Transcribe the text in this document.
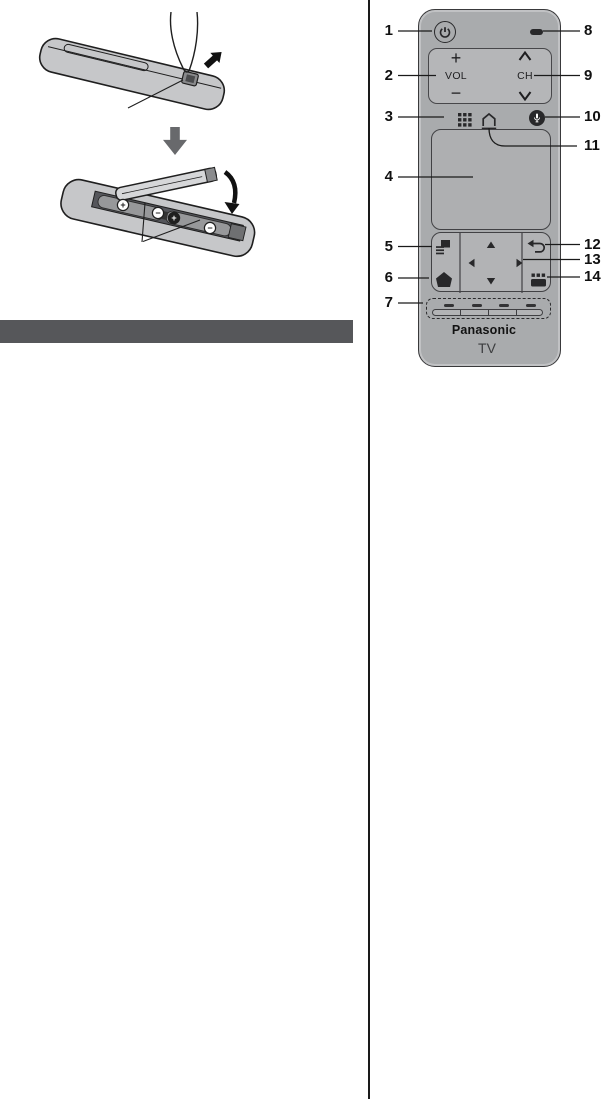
+
− +
−
+
VOL
−
CH
Panasonic
TV
1
2
3
4
5
6
7
8
9
10
11
12
13
14
